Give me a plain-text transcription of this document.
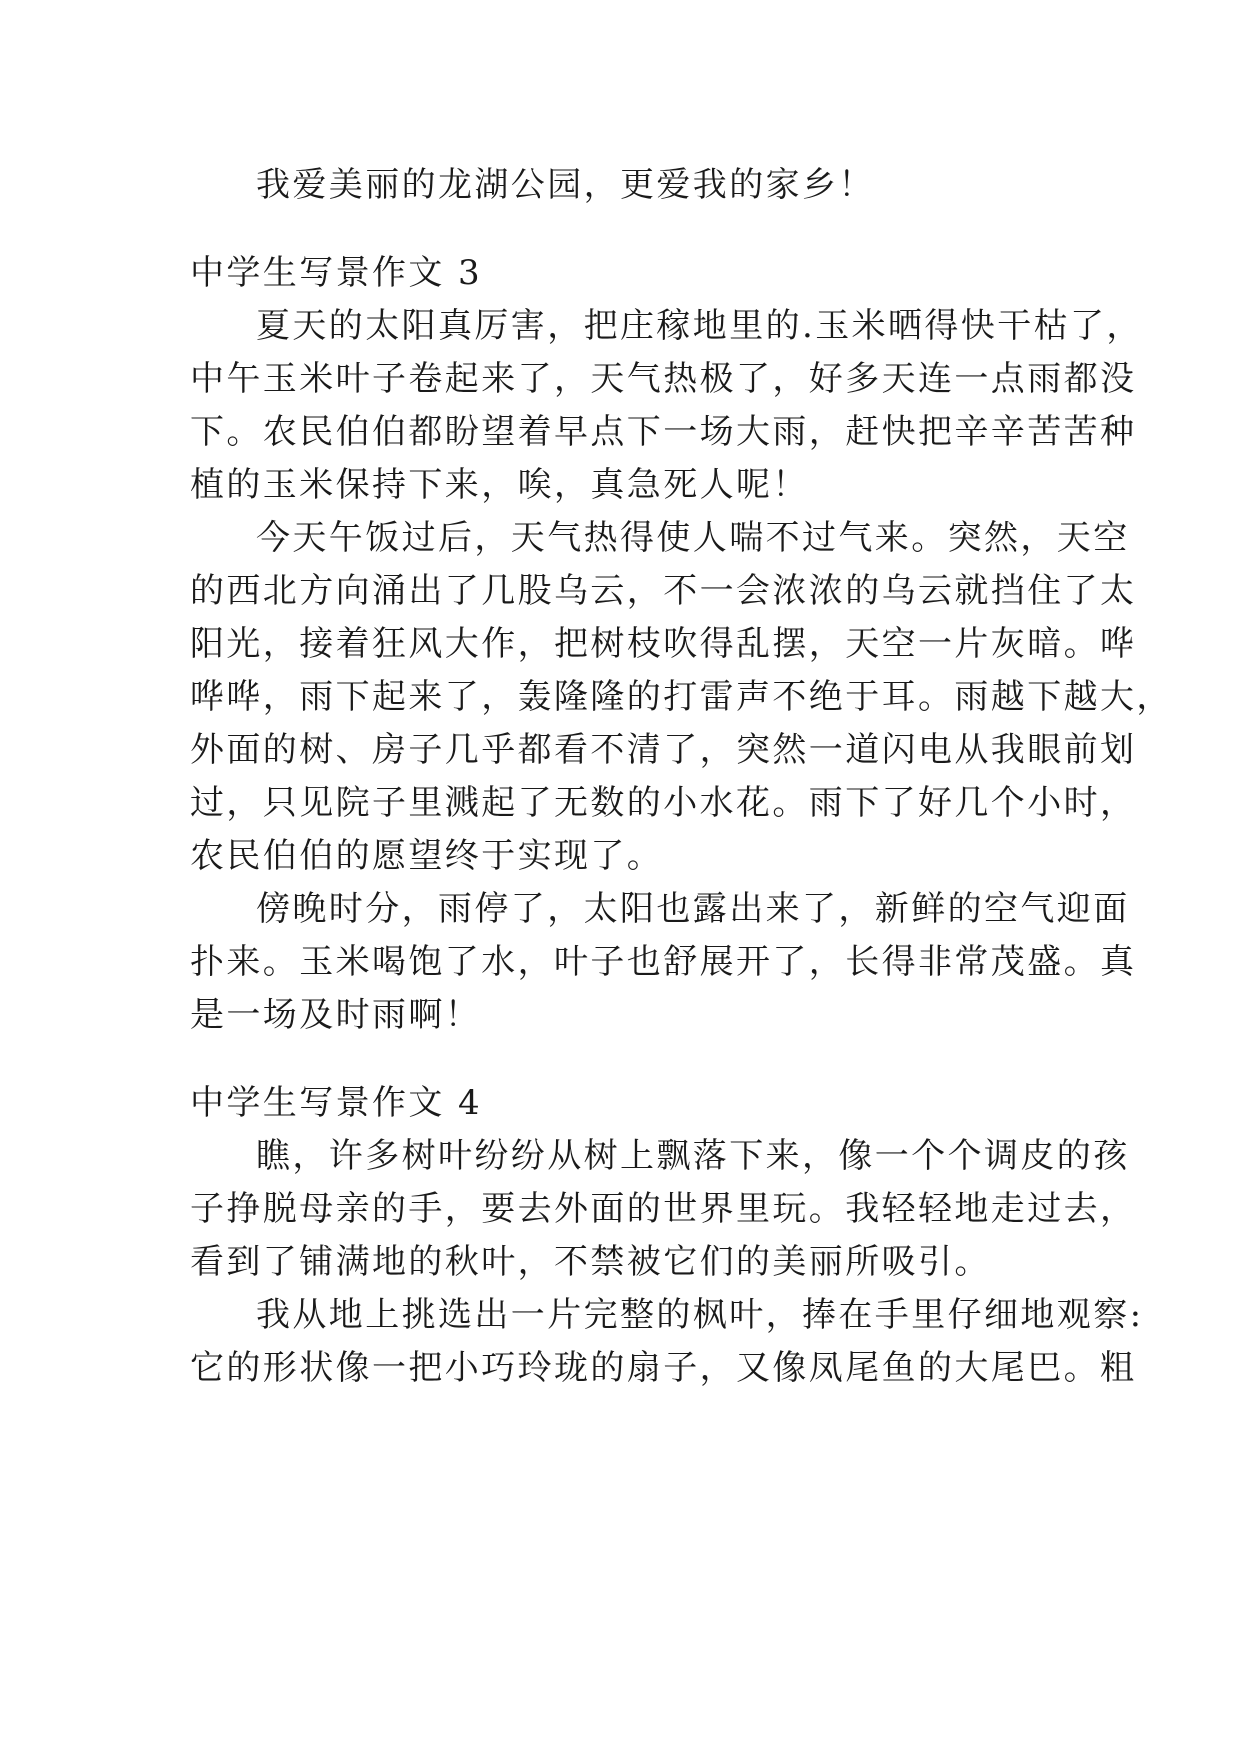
我爱美丽的龙湖公园，更爱我的家乡！
中学生写景作文 3
夏天的太阳真厉害，把庄稼地里的.玉米晒得快干枯了，
中午玉米叶子卷起来了，天气热极了，好多天连一点雨都没
下。农民伯伯都盼望着早点下一场大雨，赶快把辛辛苦苦种
植的玉米保持下来，唉，真急死人呢！
今天午饭过后，天气热得使人喘不过气来。突然，天空
的西北方向涌出了几股乌云，不一会浓浓的乌云就挡住了太
阳光，接着狂风大作，把树枝吹得乱摆，天空一片灰暗。哗
哗哗，雨下起来了，轰隆隆的打雷声不绝于耳。雨越下越大，
外面的树、房子几乎都看不清了，突然一道闪电从我眼前划
过，只见院子里溅起了无数的小水花。雨下了好几个小时，
农民伯伯的愿望终于实现了。
傍晚时分，雨停了，太阳也露出来了，新鲜的空气迎面
扑来。玉米喝饱了水，叶子也舒展开了，长得非常茂盛。真
是一场及时雨啊！
中学生写景作文 4
瞧，许多树叶纷纷从树上飘落下来，像一个个调皮的孩
子挣脱母亲的手，要去外面的世界里玩。我轻轻地走过去，
看到了铺满地的秋叶，不禁被它们的美丽所吸引。
我从地上挑选出一片完整的枫叶，捧在手里仔细地观察:
它的形状像一把小巧玲珑的扇子，又像凤尾鱼的大尾巴。粗
